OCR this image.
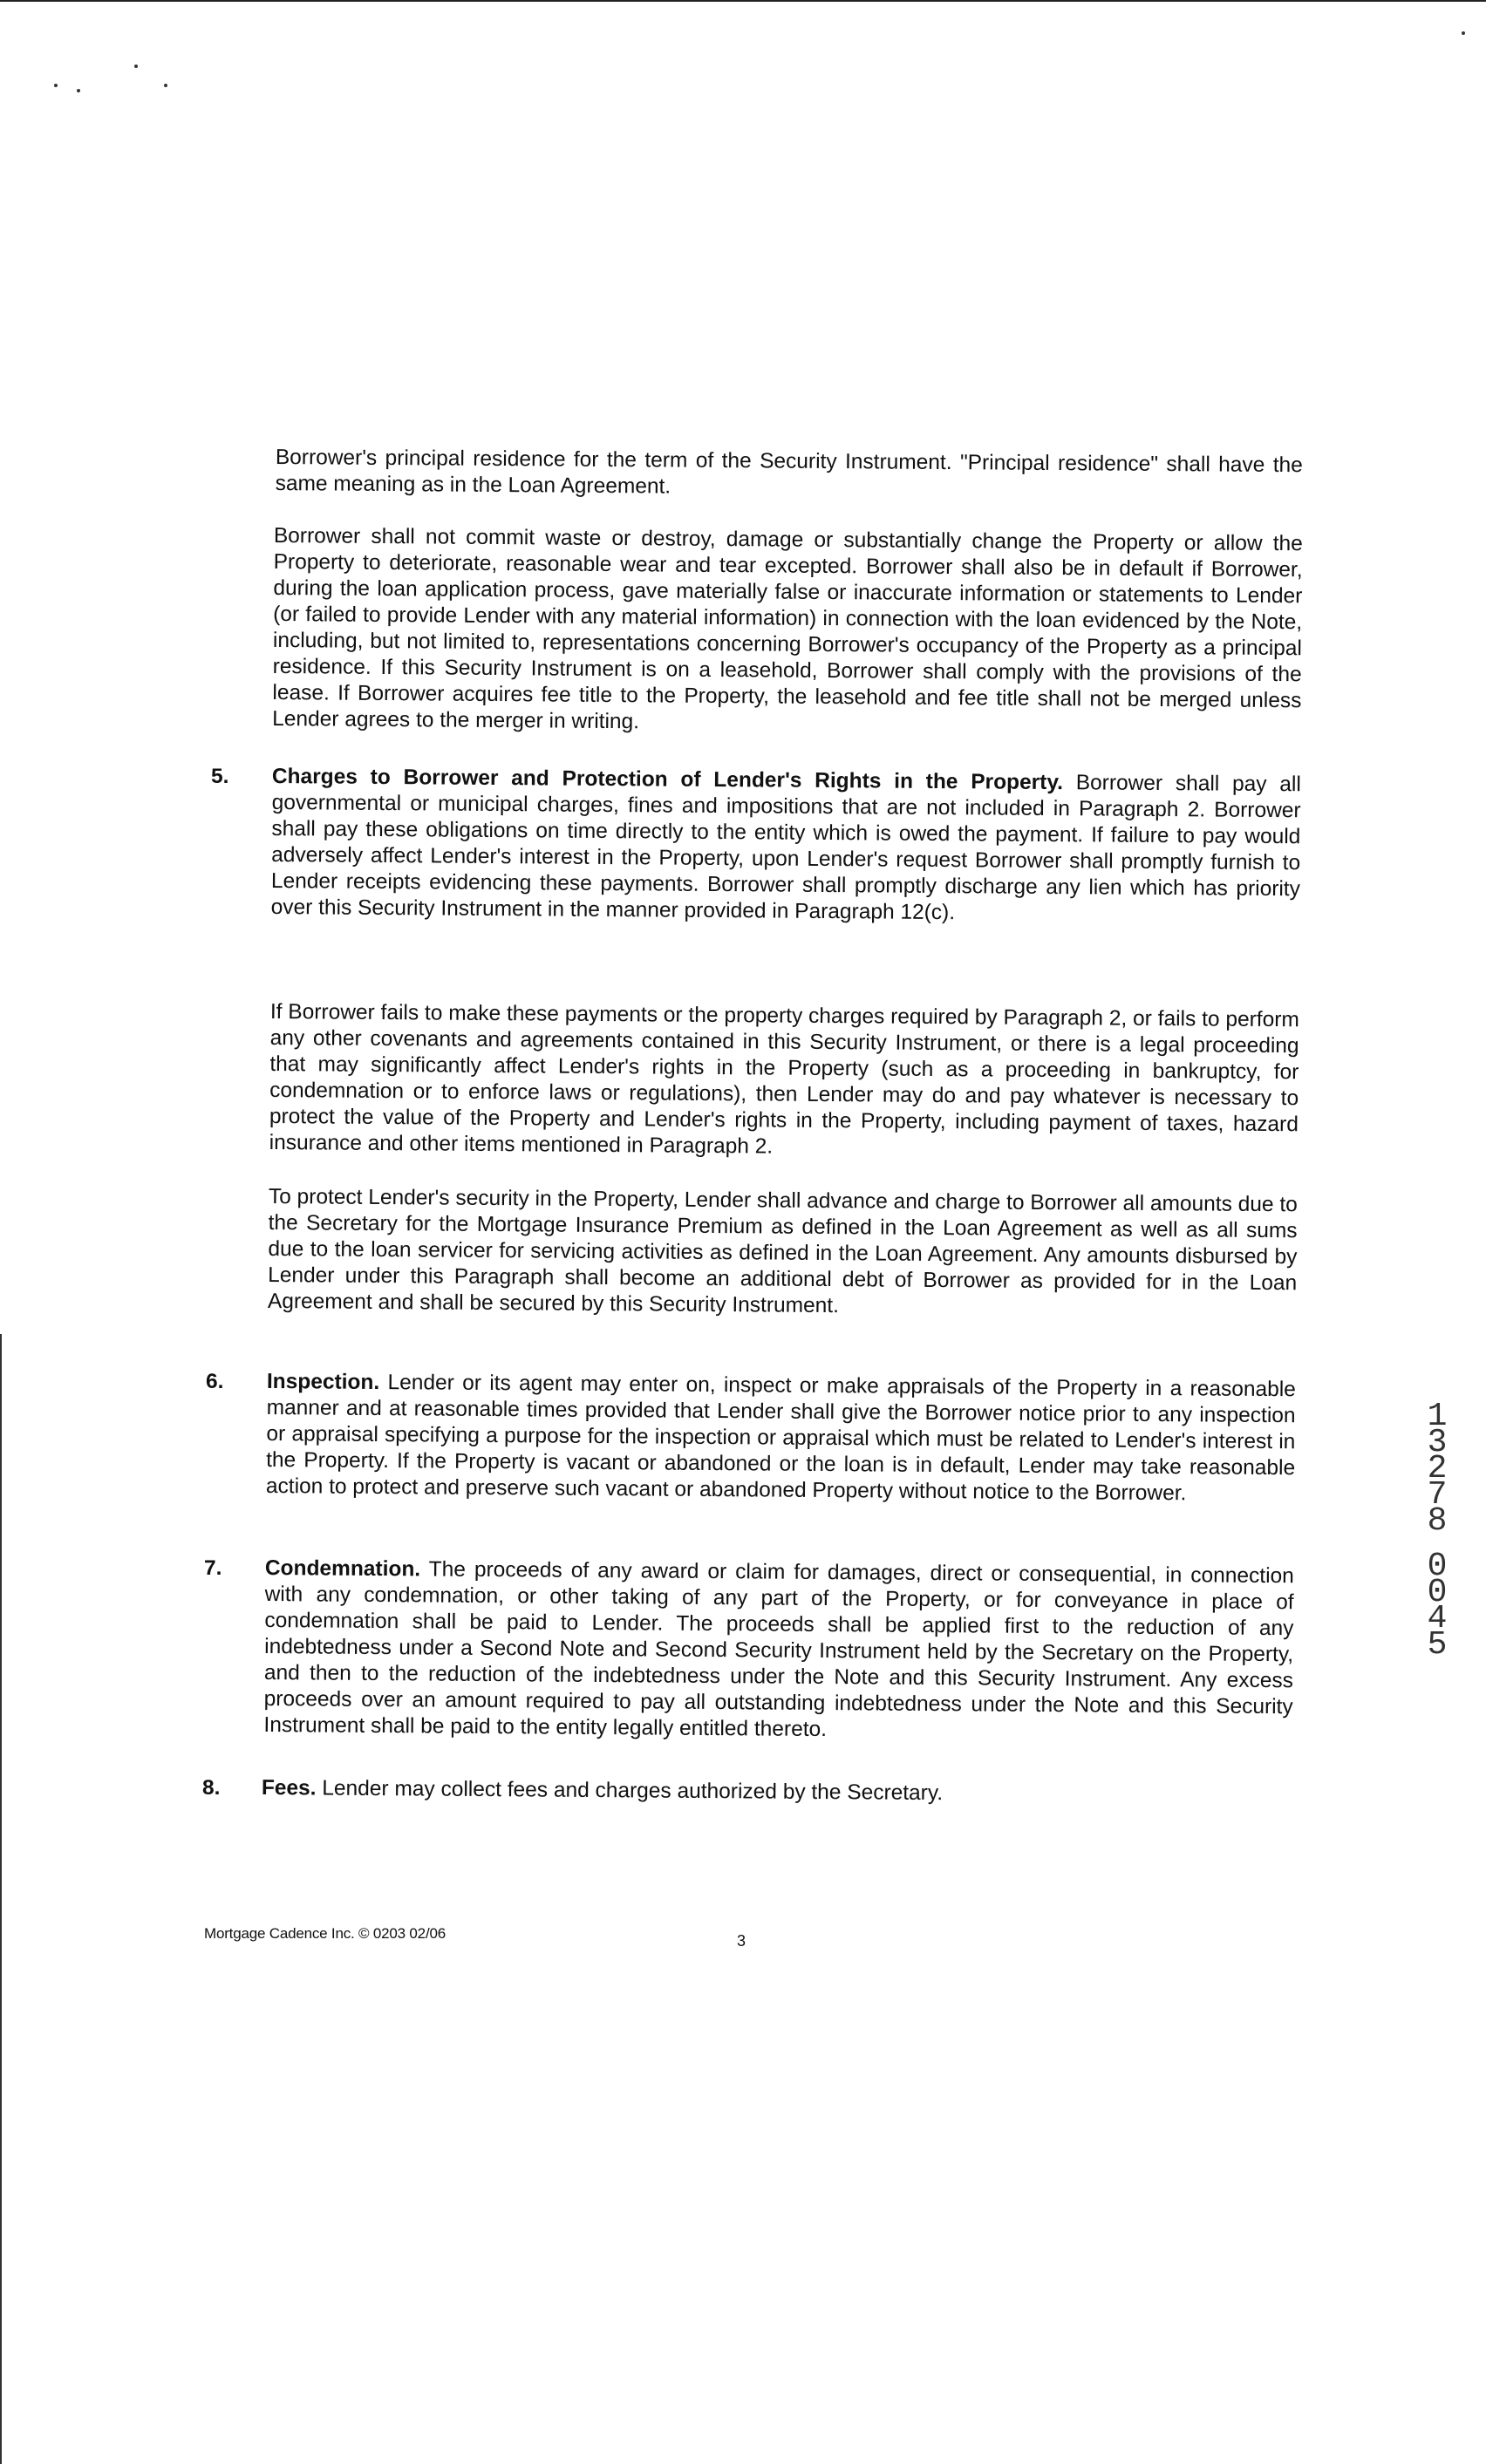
Borrower's principal residence for the term of the Security Instrument. "Principal residence" shall have the same meaning as in the Loan Agreement.

Borrower shall not commit waste or destroy, damage or substantially change the Property or allow the Property to deteriorate, reasonable wear and tear excepted. Borrower shall also be in default if Borrower, during the loan application process, gave materially false or inaccurate information or statements to Lender (or failed to provide Lender with any material information) in connection with the loan evidenced by the Note, including, but not limited to, representations concerning Borrower's occupancy of the Property as a principal residence. If this Security Instrument is on a leasehold, Borrower shall comply with the provisions of the lease. If Borrower acquires fee title to the Property, the leasehold and fee title shall not be merged unless Lender agrees to the merger in writing.

5. Charges to Borrower and Protection of Lender's Rights in the Property. Borrower shall pay all governmental or municipal charges, fines and impositions that are not included in Paragraph 2. Borrower shall pay these obligations on time directly to the entity which is owed the payment. If failure to pay would adversely affect Lender's interest in the Property, upon Lender's request Borrower shall promptly furnish to Lender receipts evidencing these payments. Borrower shall promptly discharge any lien which has priority over this Security Instrument in the manner provided in Paragraph 12(c).

If Borrower fails to make these payments or the property charges required by Paragraph 2, or fails to perform any other covenants and agreements contained in this Security Instrument, or there is a legal proceeding that may significantly affect Lender's rights in the Property (such as a proceeding in bankruptcy, for condemnation or to enforce laws or regulations), then Lender may do and pay whatever is necessary to protect the value of the Property and Lender's rights in the Property, including payment of taxes, hazard insurance and other items mentioned in Paragraph 2.

To protect Lender's security in the Property, Lender shall advance and charge to Borrower all amounts due to the Secretary for the Mortgage Insurance Premium as defined in the Loan Agreement as well as all sums due to the loan servicer for servicing activities as defined in the Loan Agreement. Any amounts disbursed by Lender under this Paragraph shall become an additional debt of Borrower as provided for in the Loan Agreement and shall be secured by this Security Instrument.

6. Inspection. Lender or its agent may enter on, inspect or make appraisals of the Property in a reasonable manner and at reasonable times provided that Lender shall give the Borrower notice prior to any inspection or appraisal specifying a purpose for the inspection or appraisal which must be related to Lender's interest in the Property. If the Property is vacant or abandoned or the loan is in default, Lender may take reasonable action to protect and preserve such vacant or abandoned Property without notice to the Borrower.

7. Condemnation. The proceeds of any award or claim for damages, direct or consequential, in connection with any condemnation, or other taking of any part of the Property, or for conveyance in place of condemnation shall be paid to Lender. The proceeds shall be applied first to the reduction of any indebtedness under a Second Note and Second Security Instrument held by the Secretary on the Property, and then to the reduction of the indebtedness under the Note and this Security Instrument. Any excess proceeds over an amount required to pay all outstanding indebtedness under the Note and this Security Instrument shall be paid to the entity legally entitled thereto.

8. Fees. Lender may collect fees and charges authorized by the Secretary.

Mortgage Cadence Inc. © 0203 02/06	3
13278
0045
